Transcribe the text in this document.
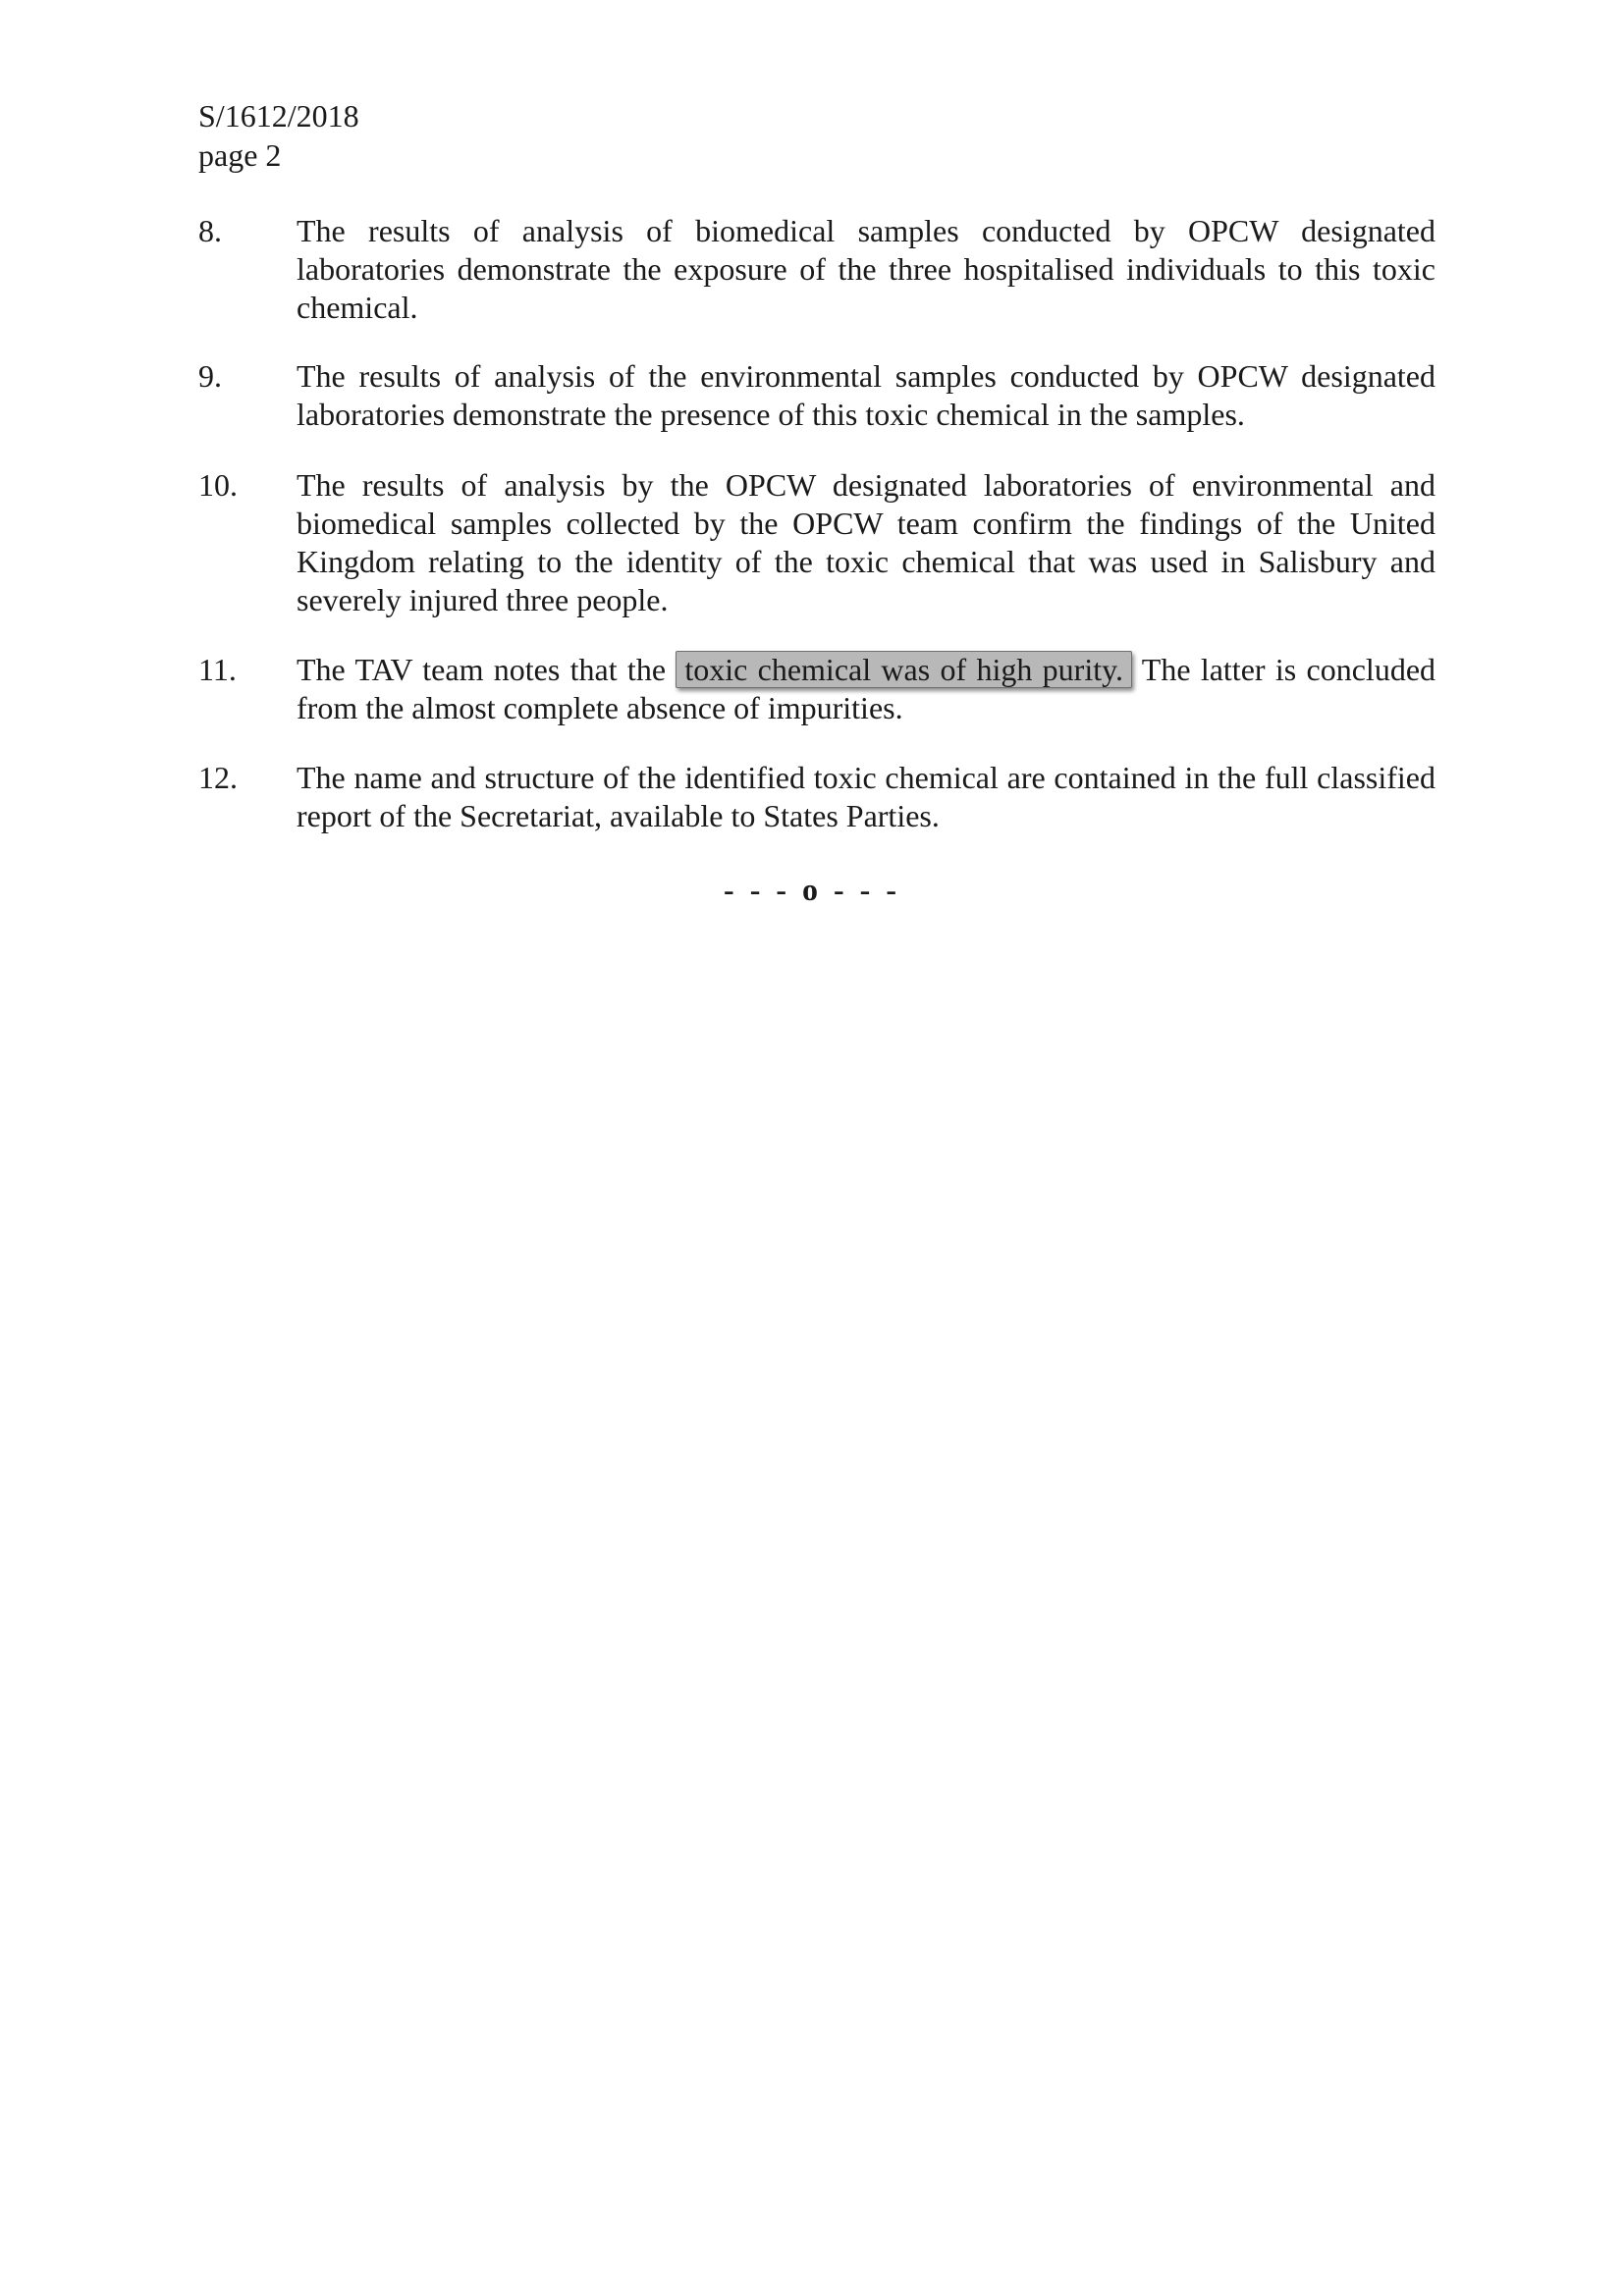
S/1612/2018
page 2
8. The results of analysis of biomedical samples conducted by OPCW designated laboratories demonstrate the exposure of the three hospitalised individuals to this toxic chemical.
9. The results of analysis of the environmental samples conducted by OPCW designated laboratories demonstrate the presence of this toxic chemical in the samples.
10. The results of analysis by the OPCW designated laboratories of environmental and biomedical samples collected by the OPCW team confirm the findings of the United Kingdom relating to the identity of the toxic chemical that was used in Salisbury and severely injured three people.
11. The TAV team notes that the toxic chemical was of high purity. The latter is concluded from the almost complete absence of impurities.
12. The name and structure of the identified toxic chemical are contained in the full classified report of the Secretariat, available to States Parties.
- - - o - - -
